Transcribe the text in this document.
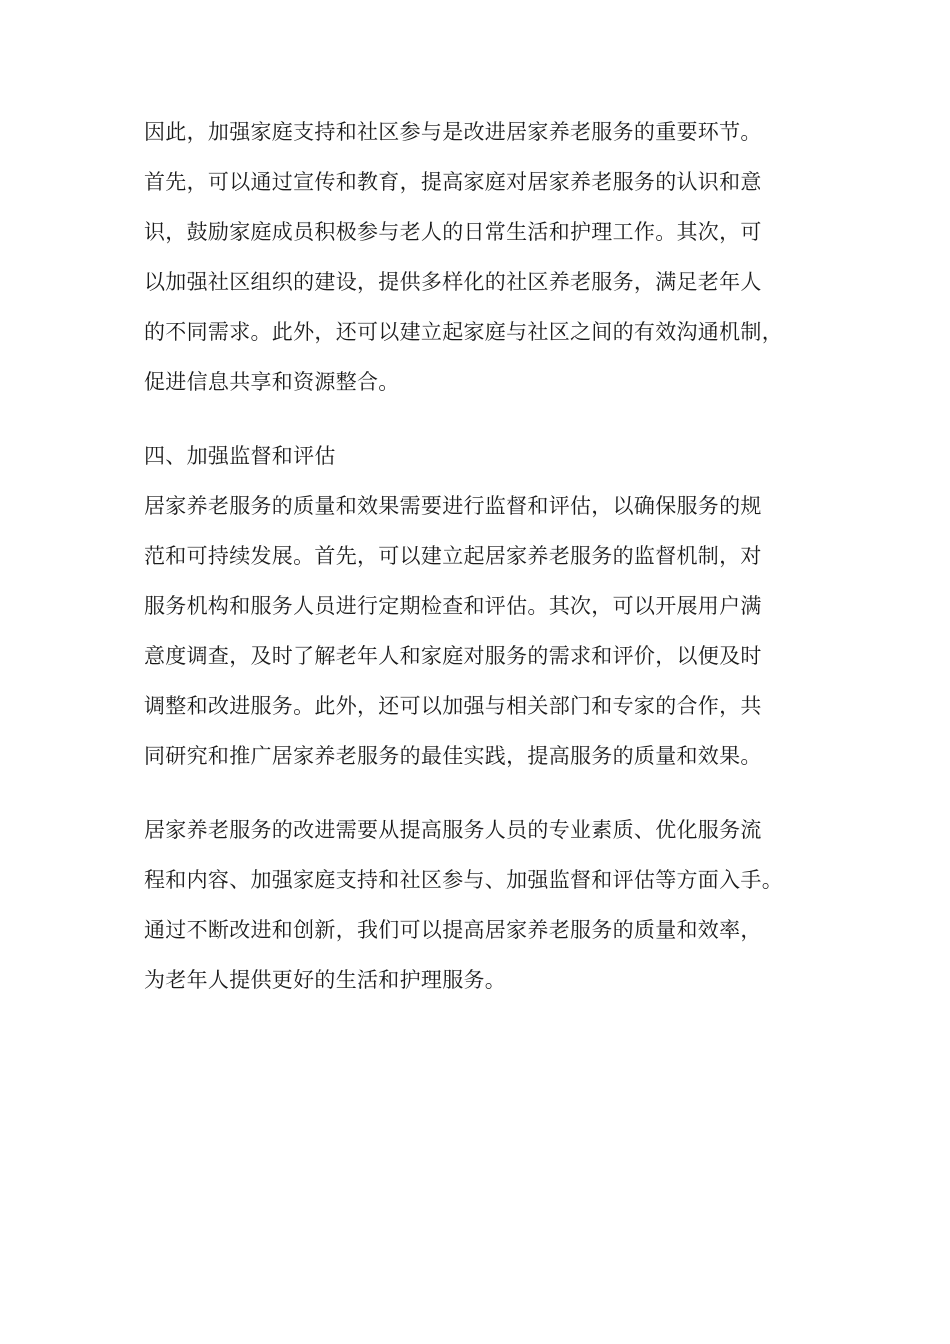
因此，加强家庭支持和社区参与是改进居家养老服务的重要环节。
首先，可以通过宣传和教育，提高家庭对居家养老服务的认识和意
识，鼓励家庭成员积极参与老人的日常生活和护理工作。其次，可
以加强社区组织的建设，提供多样化的社区养老服务，满足老年人
的不同需求。此外，还可以建立起家庭与社区之间的有效沟通机制，
促进信息共享和资源整合。
四、加强监督和评估
居家养老服务的质量和效果需要进行监督和评估，以确保服务的规
范和可持续发展。首先，可以建立起居家养老服务的监督机制，对
服务机构和服务人员进行定期检查和评估。其次，可以开展用户满
意度调查，及时了解老年人和家庭对服务的需求和评价，以便及时
调整和改进服务。此外，还可以加强与相关部门和专家的合作，共
同研究和推广居家养老服务的最佳实践，提高服务的质量和效果。
居家养老服务的改进需要从提高服务人员的专业素质、优化服务流
程和内容、加强家庭支持和社区参与、加强监督和评估等方面入手。
通过不断改进和创新，我们可以提高居家养老服务的质量和效率，
为老年人提供更好的生活和护理服务。
